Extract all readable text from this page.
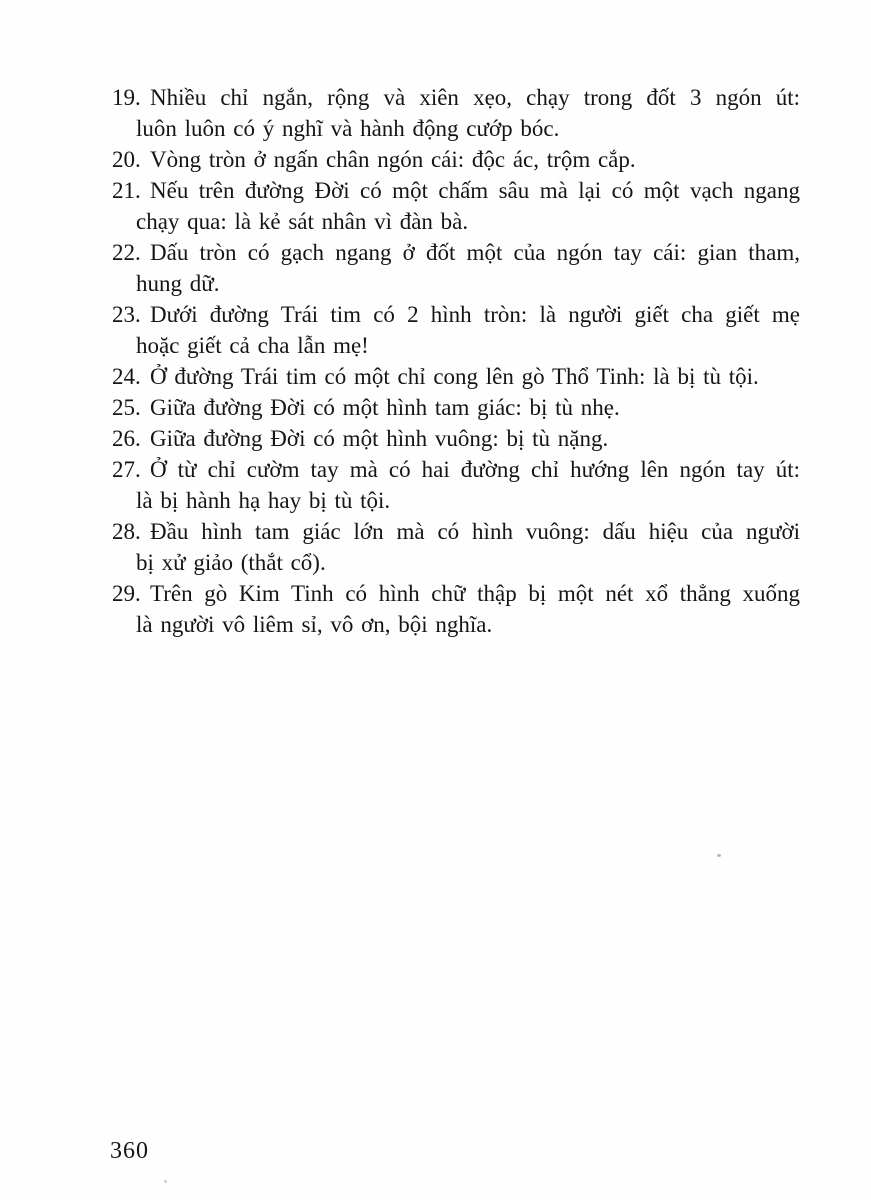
19. Nhiều chỉ ngắn, rộng và xiên xẹo, chạy trong đốt 3 ngón út:
luôn luôn có ý nghĩ và hành động cướp bóc.
20. Vòng tròn ở ngấn chân ngón cái: độc ác, trộm cắp.
21. Nếu trên đường Đời có một chấm sâu mà lại có một vạch ngang
chạy qua: là kẻ sát nhân vì đàn bà.
22. Dấu tròn có gạch ngang ở đốt một của ngón tay cái: gian tham,
hung dữ.
23. Dưới đường Trái tim có 2 hình tròn: là người giết cha giết mẹ
hoặc giết cả cha lẫn mẹ!
24. Ở đường Trái tim có một chỉ cong lên gò Thổ Tinh: là bị tù tội.
25. Giữa đường Đời có một hình tam giác: bị tù nhẹ.
26. Giữa đường Đời có một hình vuông: bị tù nặng.
27. Ở từ chỉ cườm tay mà có hai đường chỉ hướng lên ngón tay út:
là bị hành hạ hay bị tù tội.
28. Đầu hình tam giác lớn mà có hình vuông: dấu hiệu của người
bị xử giảo (thắt cổ).
29. Trên gò Kim Tinh có hình chữ thập bị một nét xổ thẳng xuống
là người vô liêm sỉ, vô ơn, bội nghĩa.
360
